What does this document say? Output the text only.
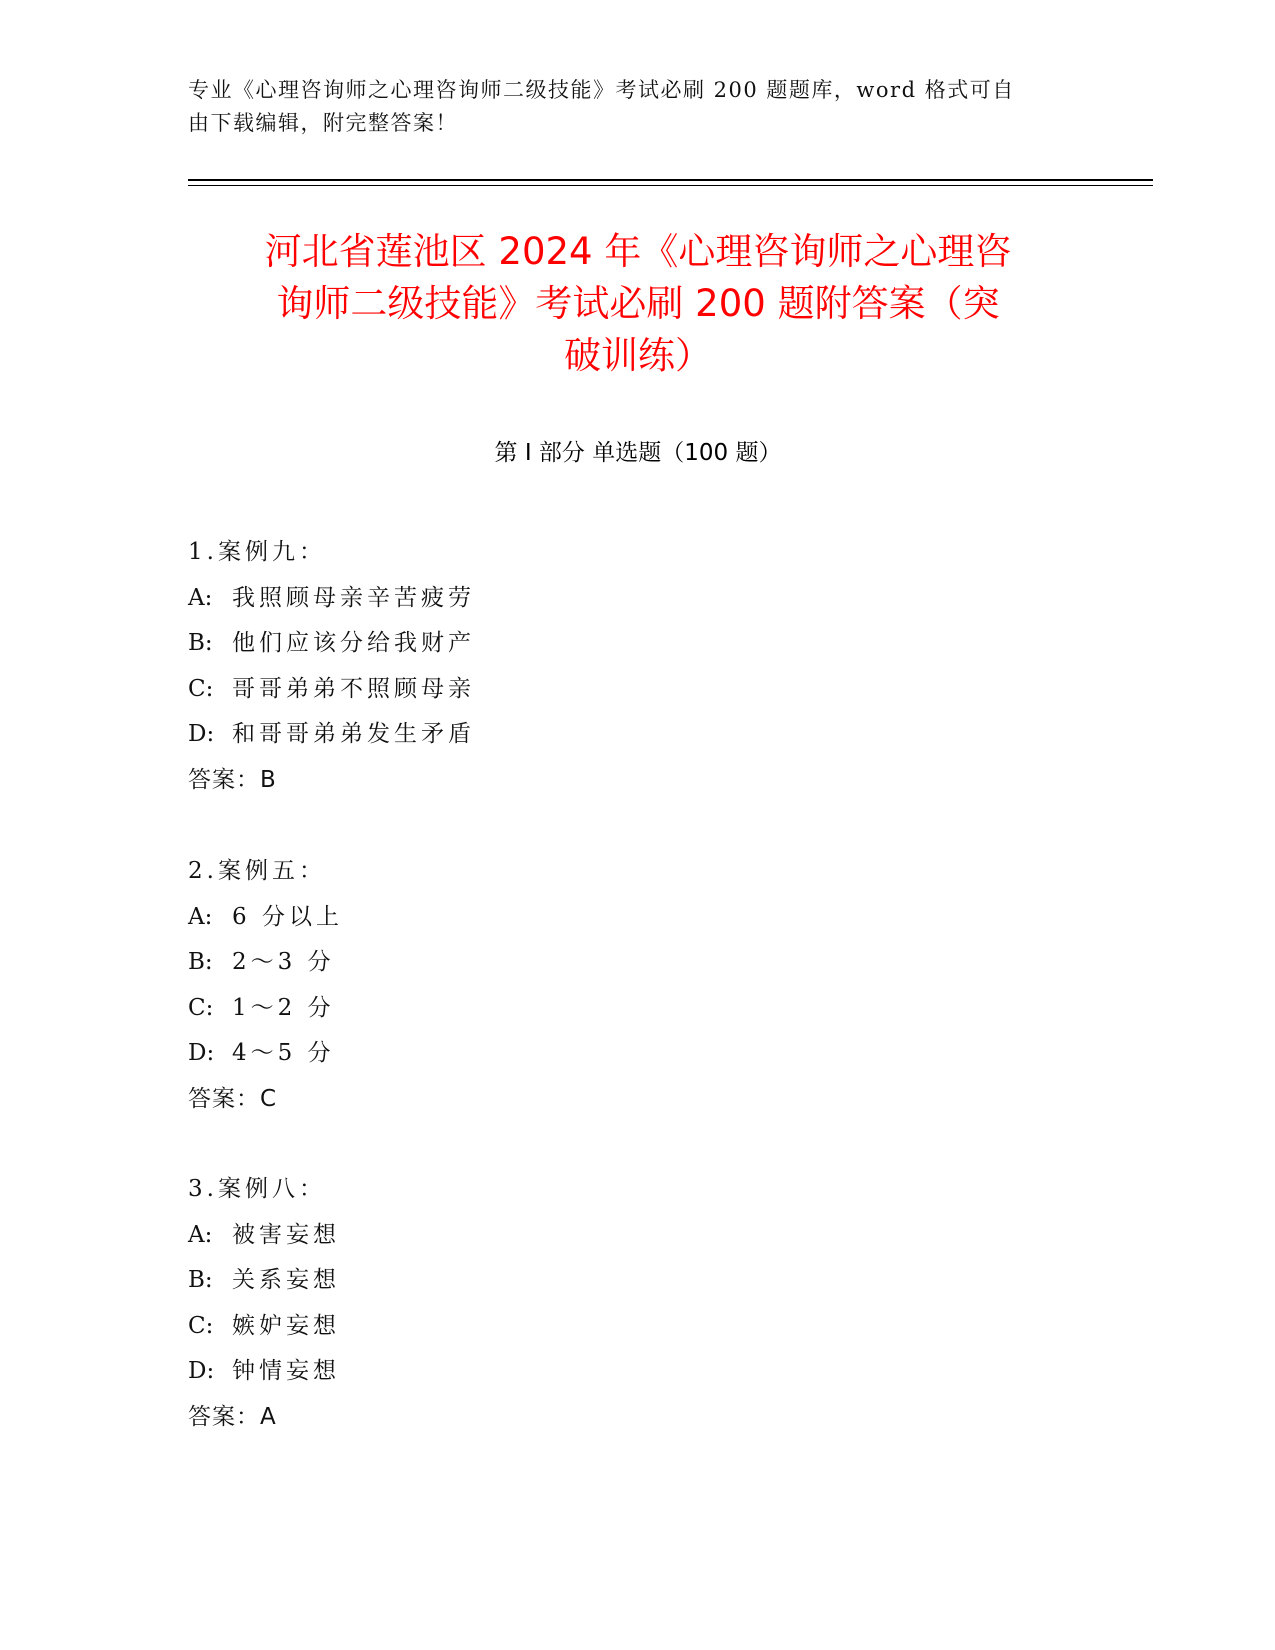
专业《心理咨询师之心理咨询师二级技能》考试必刷 200 题题库，word 格式可自
由下载编辑，附完整答案！
河北省莲池区 2024 年《心理咨询师之心理咨
询师二级技能》考试必刷 200 题附答案（突
破训练）
第 I 部分 单选题（100 题）
1.案例九：
A: 我照顾母亲辛苦疲劳
B: 他们应该分给我财产
C: 哥哥弟弟不照顾母亲
D: 和哥哥弟弟发生矛盾
答案：B
2.案例五：
A: 6 分以上
B: 2～3 分
C: 1～2 分
D: 4～5 分
答案：C
3.案例八：
A: 被害妄想
B: 关系妄想
C: 嫉妒妄想
D: 钟情妄想
答案：A
